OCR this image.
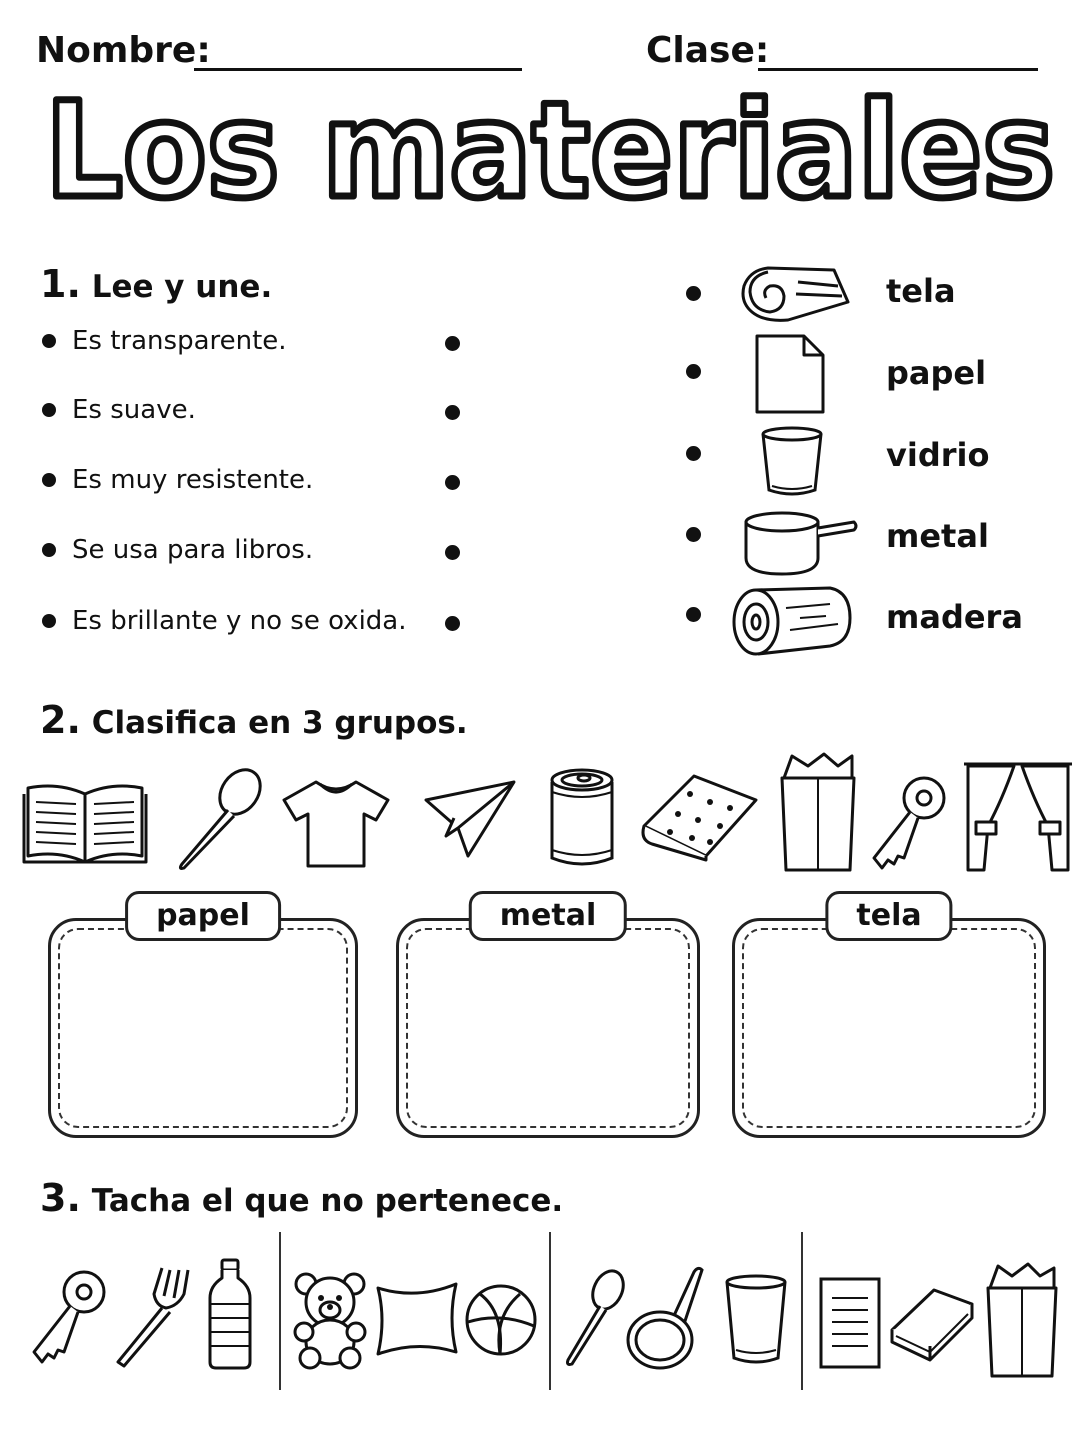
Nombre:	Clase:
Los materiales
1. Lee y une.
Es transparente.
Es suave.
Es muy resistente.
Se usa para libros.
Es brillante y no se oxida.
tela
papel
vidrio
metal
madera
2. Clasifica en 3 grupos.
papel	metal	tela
3. Tacha el que no pertenece.
